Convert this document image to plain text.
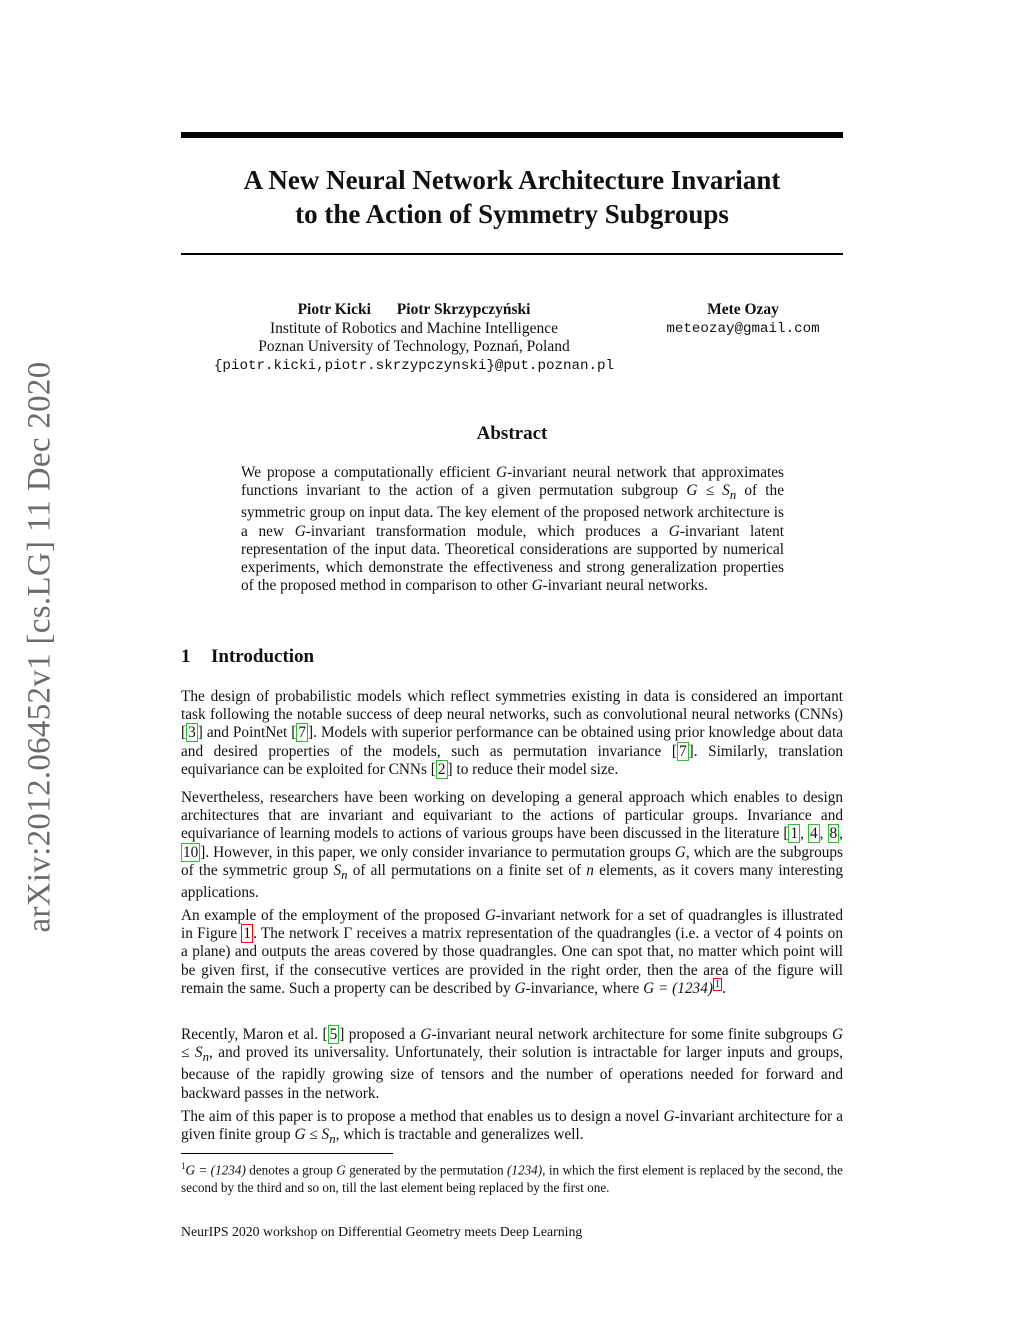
arXiv:2012.06452v1 [cs.LG] 11 Dec 2020
A New Neural Network Architecture Invariant
to the Action of Symmetry Subgroups
Piotr Kicki Piotr Skrzypczyński
Institute of Robotics and Machine Intelligence
Poznan University of Technology, Poznań, Poland
{piotr.kicki,piotr.skrzypczynski}@put.poznan.pl
Mete Ozay
meteozay@gmail.com
Abstract
We propose a computationally efficient G-invariant neural network that approximates functions invariant to the action of a given permutation subgroup $G \le S_n$ of the symmetric group on input data. The key element of the proposed network architecture is a new G-invariant transformation module, which produces a G-invariant latent representation of the input data. Theoretical considerations are supported by numerical experiments, which demonstrate the effectiveness and strong generalization properties of the proposed method in comparison to other G-invariant neural networks.
1 Introduction
The design of probabilistic models which reflect symmetries existing in data is considered an important task following the notable success of deep neural networks, such as convolutional neural networks (CNNs) [ 3 ] and PointNet [ 7 ]. Models with superior performance can be obtained using prior knowledge about data and desired properties of the models, such as permutation invariance [ 7 ]. Similarly, translation equivariance can be exploited for CNNs [ 2 ] to reduce their model size.
Nevertheless, researchers have been working on developing a general approach which enables to design architectures that are invariant and equivariant to the actions of particular groups. Invariance and equivariance of learning models to actions of various groups have been discussed in the literature [ 1 , 4 , 8 , 10 ]. However, in this paper, we only consider invariance to permutation groups G, which are the subgroups of the symmetric group $S_n$ of all permutations on a finite set of n elements, as it covers many interesting applications.
An example of the employment of the proposed G-invariant network for a set of quadrangles is illustrated in Figure 1 . The network Γ receives a matrix representation of the quadrangles (i.e. a vector of 4 points on a plane) and outputs the areas covered by those quadrangles. One can spot that, no matter which point will be given first, if the consecutive vertices are provided in the right order, then the area of the figure will remain the same. Such a property can be described by G-invariance, where G = (1234) $^1$ .
Recently, Maron et al. [ 5 ] proposed a G-invariant neural network architecture for some finite subgroups $G \le S_n$, and proved its universality. Unfortunately, their solution is intractable for larger inputs and groups, because of the rapidly growing size of tensors and the number of operations needed for forward and backward passes in the network.
The aim of this paper is to propose a method that enables us to design a novel G-invariant architecture for a given finite group $G \le S_n$, which is tractable and generalizes well.
$^1$G = (1234) denotes a group G generated by the permutation (1234), in which the first element is replaced by the second, the second by the third and so on, till the last element being replaced by the first one.
NeurIPS 2020 workshop on Differential Geometry meets Deep Learning
